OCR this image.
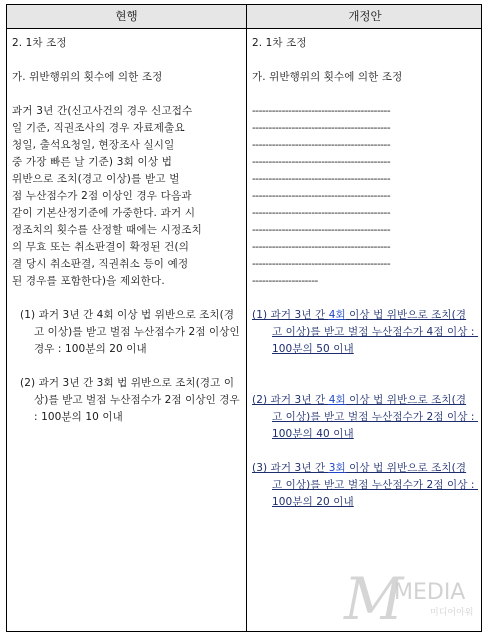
현행	개정안

2. 1차 조정

가. 위반행위의 횟수에 의한 조정

과거 3년 간(신고사건의 경우 신고접수

일 기준, 직권조사의 경우 자료제출요

청일, 출석요청일, 현장조사 실시일

중 가장 빠른 날 기준) 3회 이상 법

위반으로 조치(경고 이상)를 받고 벌

점 누산점수가 2점 이상인 경우 다음과

같이 기본산정기준에 가중한다. 과거 시

정조치의 횟수를 산정할 때에는 시정조치

의 무효 또는 취소판결이 확정된 건(의

결 당시 취소판결, 직권취소 등이 예정

된 경우를 포함한다)을 제외한다.

(1) 과거 3년 간 4회 이상 법 위반으로 조치(경고 이상)를 받고 벌점 누산점수가 2점 이상인 경우 : 100분의 20 이내

(2) 과거 3년 간 3회 법 위반으로 조치(경고 이상)를 받고 벌점 누산점수가 2점 이상인 경우 : 100분의 10 이내

2. 1차 조정

가. 위반행위의 횟수에 의한 조정

------------------------------------------

------------------------------------------

------------------------------------------

------------------------------------------

------------------------------------------

------------------------------------------

------------------------------------------

------------------------------------------

------------------------------------------

------------------------------------------

--------------------

(1) 과거 3년 간 4회 이상 법 위반으로 조치(경고 이상)를 받고 벌점 누산점수가 4점 이상 : 100분의 50 이내

(2) 과거 3년 간 4회 이상 법 위반으로 조치(경고 이상)를 받고 벌점 누산점수가 2점 이상 : 100분의 40 이내

(3) 과거 3년 간 3회 이상 법 위반으로 조치(경고 이상)를 받고 벌점 누산점수가 2점 이상 : 100분의 20 이내

M
MEDIA
미디어아워
